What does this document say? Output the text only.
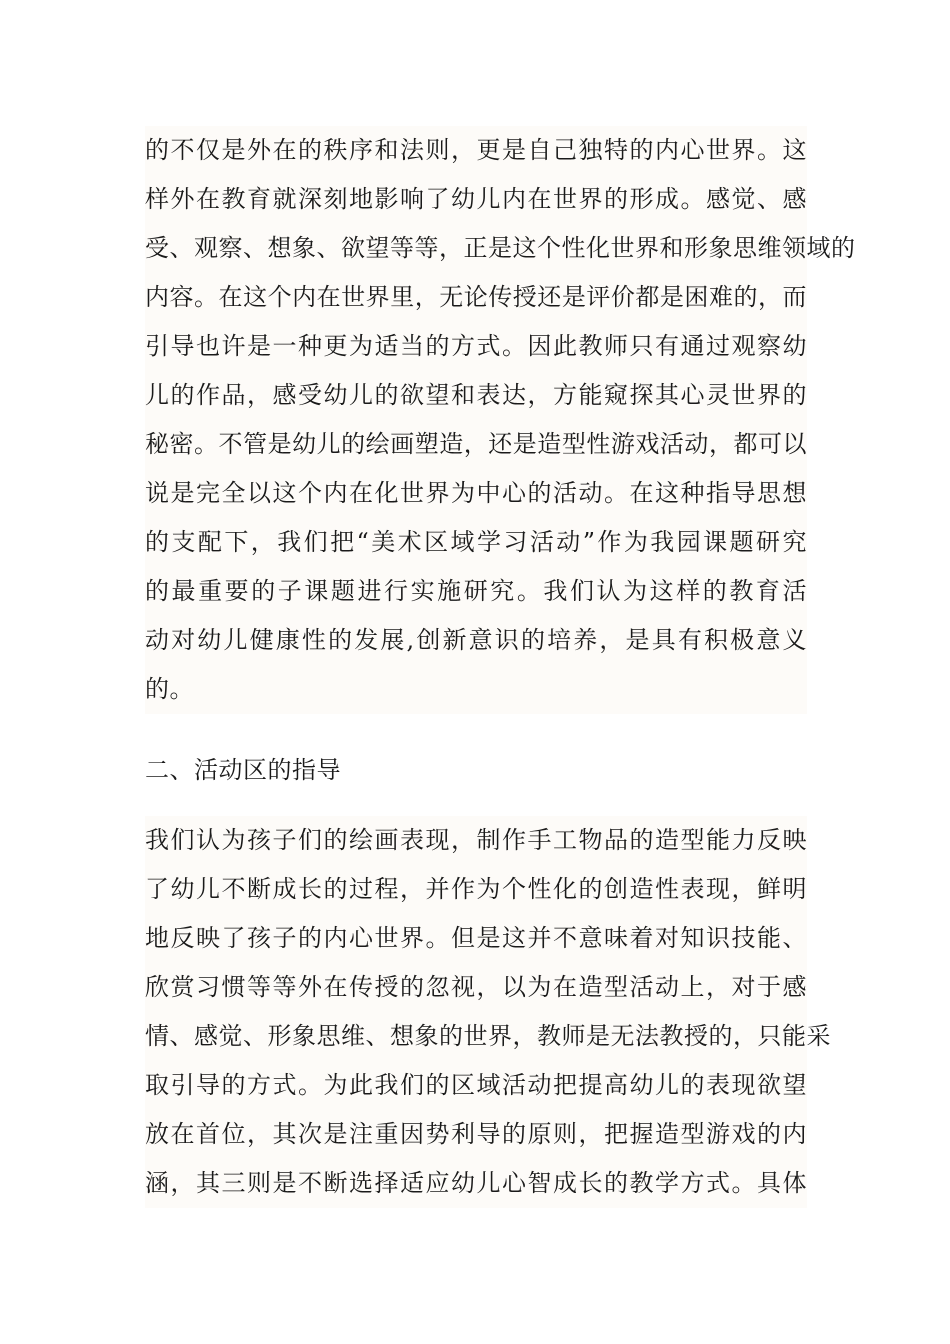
的不仅是外在的秩序和法则，更是自己独特的内心世界。这
样外在教育就深刻地影响了幼儿内在世界的形成。感觉、感
受、观察、想象、欲望等等，正是这个性化世界和形象思维领域的
内容。在这个内在世界里，无论传授还是评价都是困难的，而
引导也许是一种更为适当的方式。因此教师只有通过观察幼
儿的作品，感受幼儿的欲望和表达，方能窥探其心灵世界的
秘密。不管是幼儿的绘画塑造，还是造型性游戏活动，都可以
说是完全以这个内在化世界为中心的活动。在这种指导思想
的支配下，我们把“美术区域学习活动”作为我园课题研究
的最重要的子课题进行实施研究。我们认为这样的教育活
动对幼儿健康性的发展,创新意识的培养，是具有积极意义
的。
二、活动区的指导
我们认为孩子们的绘画表现，制作手工物品的造型能力反映
了幼儿不断成长的过程，并作为个性化的创造性表现，鲜明
地反映了孩子的内心世界。但是这并不意味着对知识技能、
欣赏习惯等等外在传授的忽视，以为在造型活动上，对于感
情、感觉、形象思维、想象的世界，教师是无法教授的，只能采
取引导的方式。为此我们的区域活动把提高幼儿的表现欲望
放在首位，其次是注重因势利导的原则，把握造型游戏的内
涵，其三则是不断选择适应幼儿心智成长的教学方式。具体
